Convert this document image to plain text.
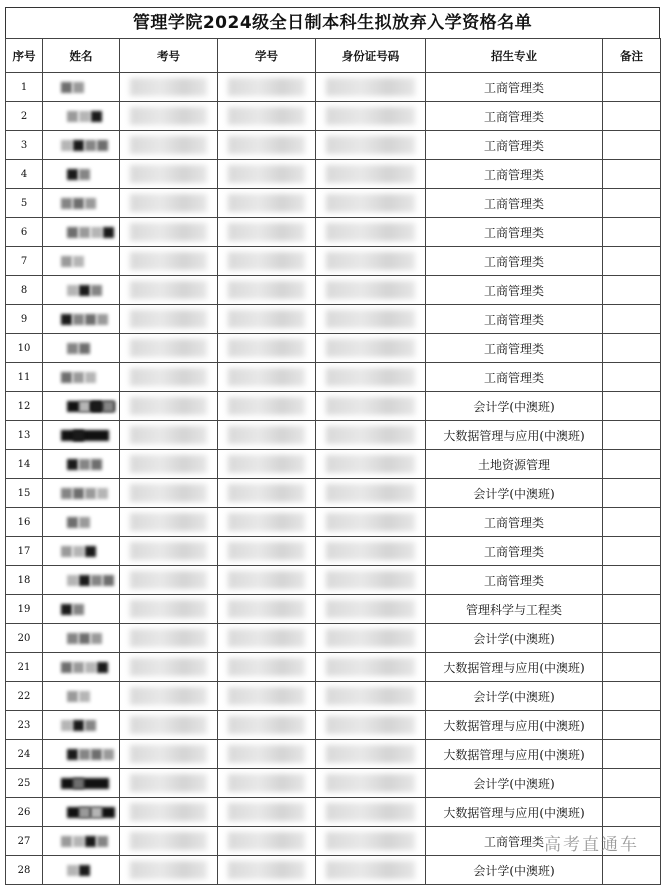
管理学院2024级全日制本科生拟放弃入学资格名单
序号	姓名	考号	学号	身份证号码	招生专业	备注
1					工商管理类	
2					工商管理类	
3					工商管理类	
4					工商管理类	
5					工商管理类	
6					工商管理类	
7					工商管理类	
8					工商管理类	
9					工商管理类	
10					工商管理类	
11					工商管理类	
12					会计学(中澳班)	
13					大数据管理与应用(中澳班)	
14					土地资源管理	
15					会计学(中澳班)	
16					工商管理类	
17					工商管理类	
18					工商管理类	
19					管理科学与工程类	
20					会计学(中澳班)	
21					大数据管理与应用(中澳班)	
22					会计学(中澳班)	
23					大数据管理与应用(中澳班)	
24					大数据管理与应用(中澳班)	
25					会计学(中澳班)	
26					大数据管理与应用(中澳班)	
27					工商管理类	
28					会计学(中澳班)	
高考直通车
